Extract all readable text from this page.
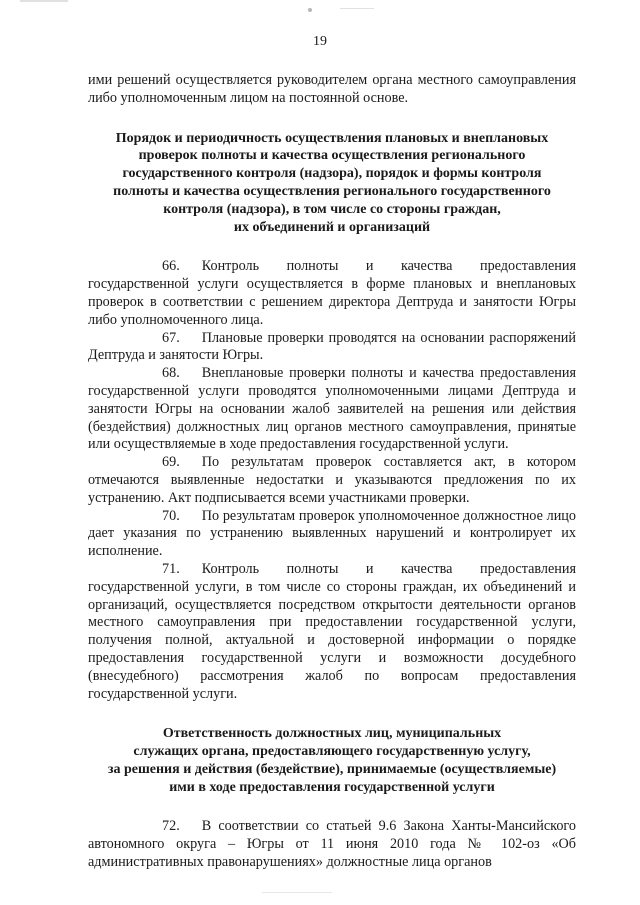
19

ими решений осуществляется руководителем органа местного самоуправления либо уполномоченным лицом на постоянной основе.

Порядок и периодичность осуществления плановых и внеплановых
проверок полноты и качества осуществления регионального
государственного контроля (надзора), порядок и формы контроля
полноты и качества осуществления регионального государственного
контроля (надзора), в том числе со стороны граждан,
их объединений и организаций

66. Контроль полноты и качества предоставления государственной услуги осуществляется в форме плановых и внеплановых проверок в соответствии с решением директора Дептруда и занятости Югры либо уполномоченного лица.

67. Плановые проверки проводятся на основании распоряжений Дептруда и занятости Югры.

68. Внеплановые проверки полноты и качества предоставления государственной услуги проводятся уполномоченными лицами Дептруда и занятости Югры на основании жалоб заявителей на решения или действия (бездействия) должностных лиц органов местного самоуправления, принятые или осуществляемые в ходе предоставления государственной услуги.

69. По результатам проверок составляется акт, в котором отмечаются выявленные недостатки и указываются предложения по их устранению. Акт подписывается всеми участниками проверки.

70. По результатам проверок уполномоченное должностное лицо дает указания по устранению выявленных нарушений и контролирует их исполнение.

71. Контроль полноты и качества предоставления государственной услуги, в том числе со стороны граждан, их объединений и организаций, осуществляется посредством открытости деятельности органов местного самоуправления при предоставлении государственной услуги, получения полной, актуальной и достоверной информации о порядке предоставления государственной услуги и возможности досудебного (внесудебного) рассмотрения жалоб по вопросам предоставления государственной услуги.

Ответственность должностных лиц, муниципальных
служащих органа, предоставляющего государственную услугу,
за решения и действия (бездействие), принимаемые (осуществляемые)
ими в ходе предоставления государственной услуги

72. В соответствии со статьей 9.6 Закона Ханты-Мансийского автономного округа – Югры от 11 июня 2010 года № 102-оз «Об административных правонарушениях» должностные лица органов
